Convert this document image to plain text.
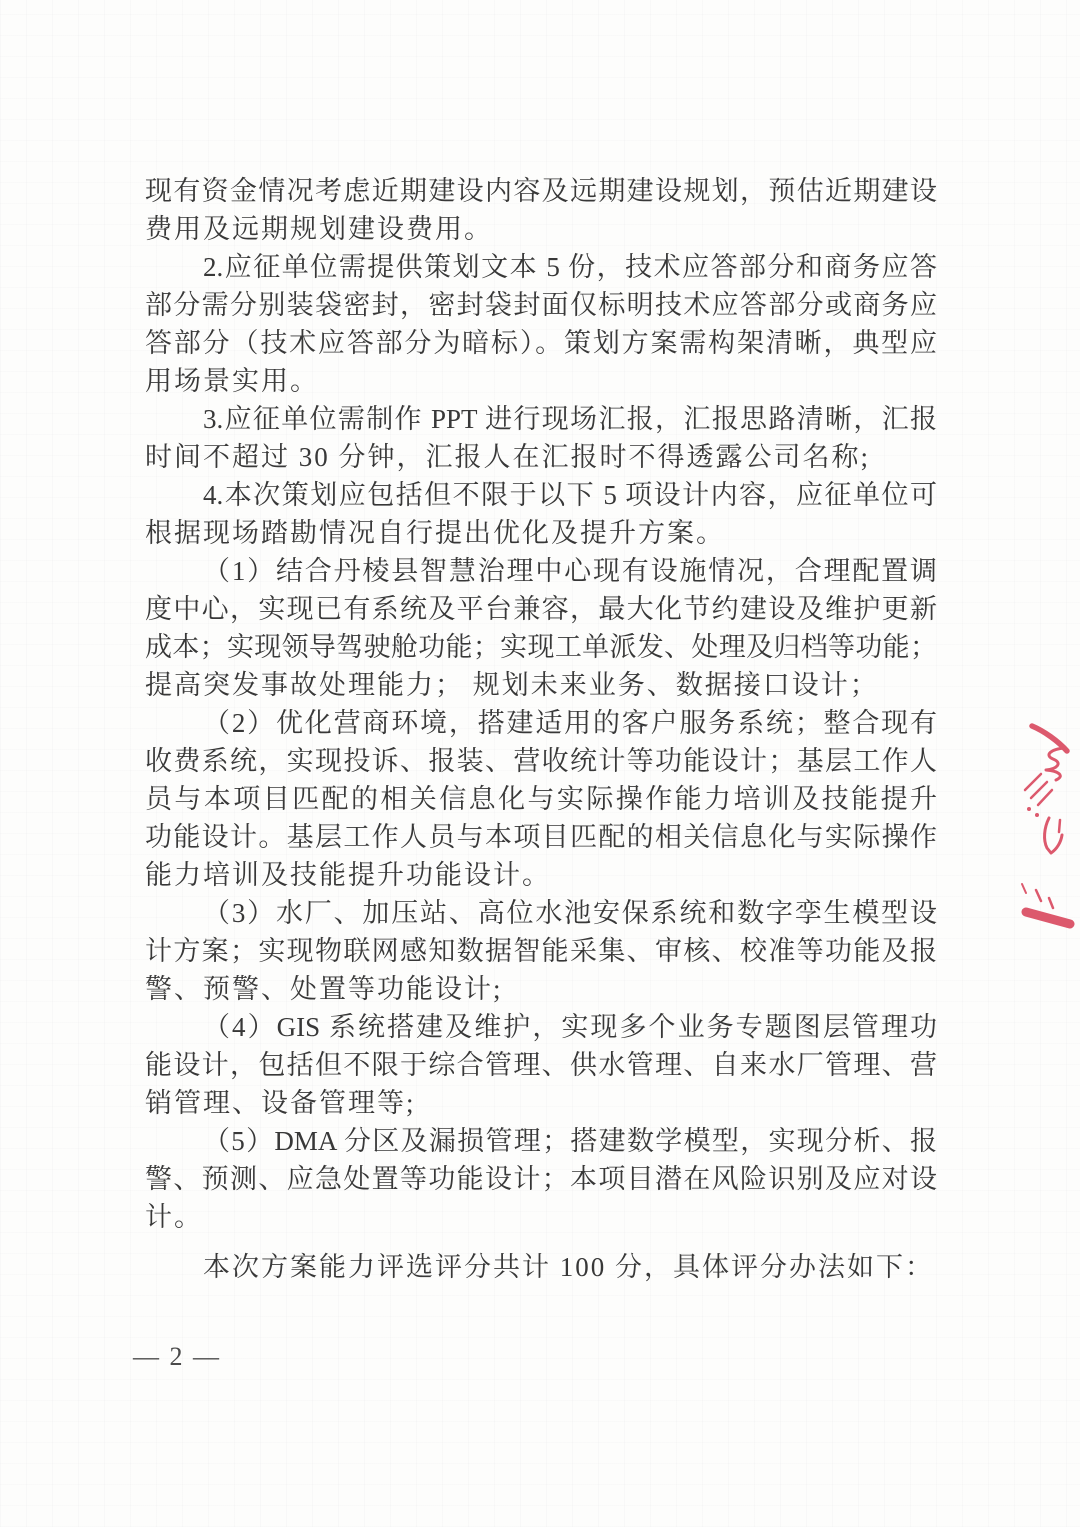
现有资金情况考虑近期建设内容及远期建设规划，预估近期建设
费用及远期规划建设费用。
2.应征单位需提供策划文本 5 份，技术应答部分和商务应答
部分需分别装袋密封，密封袋封面仅标明技术应答部分或商务应
答部分（技术应答部分为暗标）。策划方案需构架清晰，典型应
用场景实用。
3.应征单位需制作 PPT 进行现场汇报，汇报思路清晰，汇报
时间不超过 30 分钟，汇报人在汇报时不得透露公司名称;
4.本次策划应包括但不限于以下 5 项设计内容，应征单位可
根据现场踏勘情况自行提出优化及提升方案。
（1）结合丹棱县智慧治理中心现有设施情况，合理配置调
度中心，实现已有系统及平台兼容，最大化节约建设及维护更新
成本；实现领导驾驶舱功能；实现工单派发、处理及归档等功能；
提高突发事故处理能力； 规划未来业务、数据接口设计；
（2）优化营商环境，搭建适用的客户服务系统；整合现有
收费系统，实现投诉、报装、营收统计等功能设计；基层工作人
员与本项目匹配的相关信息化与实际操作能力培训及技能提升
功能设计。基层工作人员与本项目匹配的相关信息化与实际操作
能力培训及技能提升功能设计。
（3）水厂、加压站、高位水池安保系统和数字孪生模型设
计方案；实现物联网感知数据智能采集、审核、校准等功能及报
警、预警、处置等功能设计;
（4）GIS 系统搭建及维护，实现多个业务专题图层管理功
能设计，包括但不限于综合管理、供水管理、自来水厂管理、营
销管理、设备管理等;
（5）DMA 分区及漏损管理；搭建数学模型，实现分析、报
警、预测、应急处置等功能设计；本项目潜在风险识别及应对设
计。
本次方案能力评选评分共计 100 分，具体评分办法如下：
— 2 —
